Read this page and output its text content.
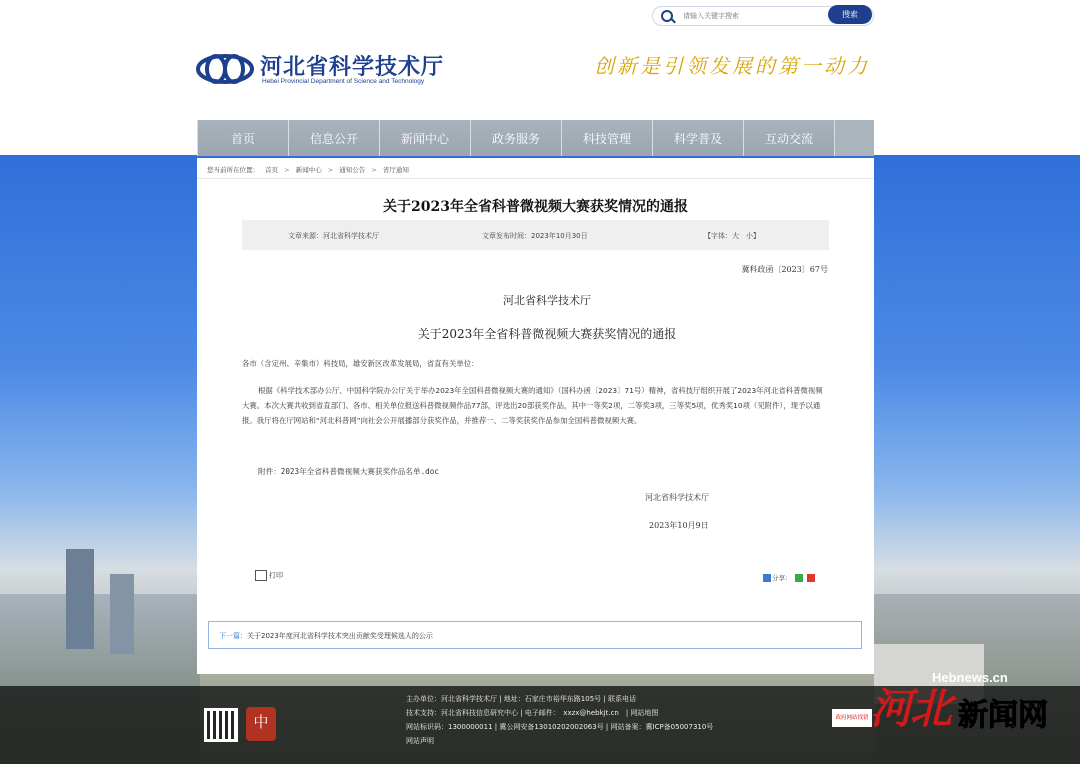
请输入关键字搜索
搜索
河北省科学技术厅
Hebei Provincial Department of Science and Technology
创新是引领发展的第一动力
首页	信息公开	新闻中心	政务服务	科技管理	科学普及	互动交流
您当前所在位置： 首页 > 新闻中心 > 通知公告 > 省厅通知
关于2023年全省科普微视频大赛获奖情况的通报
文章来源：河北省科学技术厅	文章发布时间：2023年10月30日	【字体：大　小】
冀科政函〔2023〕67号
河北省科学技术厅
关于2023年全省科普微视频大赛获奖情况的通报
各市（含定州、辛集市）科技局，雄安新区改革发展局，省直有关单位：
根据《科学技术部办公厅、中国科学院办公厅关于举办2023年全国科普微视频大赛的通知》（国科办函〔2023〕71号）精神，省科技厅组织开展了2023年河北省科普微视频大赛。本次大赛共收到省直部门、各市、相关单位报送科普微视频作品77部，评选出20部获奖作品，其中一等奖2项，二等奖3项，三等奖5项，优秀奖10项（见附件），现予以通报。我厅将在厅网站和“河北科普网”向社会公开展播部分获奖作品，并推荐一、二等奖获奖作品参加全国科普微视频大赛。
附件：2023年全省科普微视频大赛获奖作品名单.doc
河北省科学技术厅
2023年10月9日
打印	分享：
下一篇：关于2023年度河北省科学技术突出贡献奖受理候选人的公示
中
主办单位：河北省科学技术厅 | 地址：石家庄市裕华东路105号 | 联系电话
技术支持：河北省科技信息研究中心 | 电子邮件：　xxzx@hebkjt.cn　| 网站地图
网站标识码：1300000011 | 冀公网安备13010202002063号 | 网站备案：冀ICP备05007310号
网站声明
政府网站找错
Hebnews.cn
河北 新闻网
